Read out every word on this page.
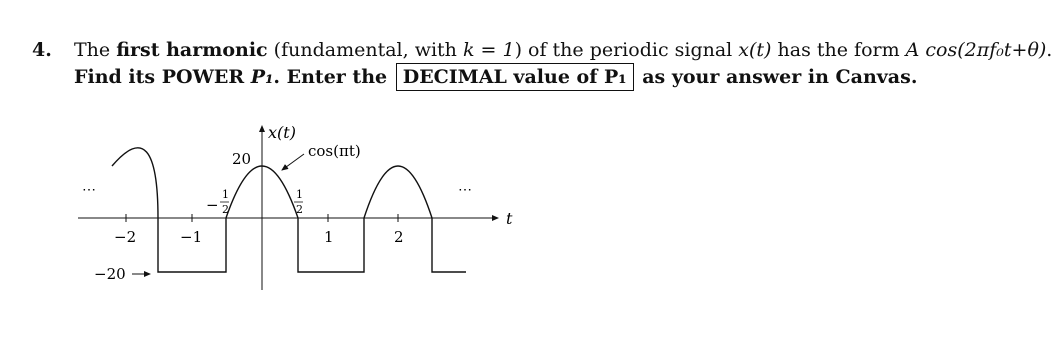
4. The first harmonic (fundamental, with k = 1) of the periodic signal x(t) has the form A cos(2πf₀t+θ).
Find its POWER P₁. Enter the DECIMAL value of P₁ as your answer in Canvas.
−2	−1	1	2
−
1
2
1
2
20
−20
cos(πt)
x(t)
t
⋯	⋯
